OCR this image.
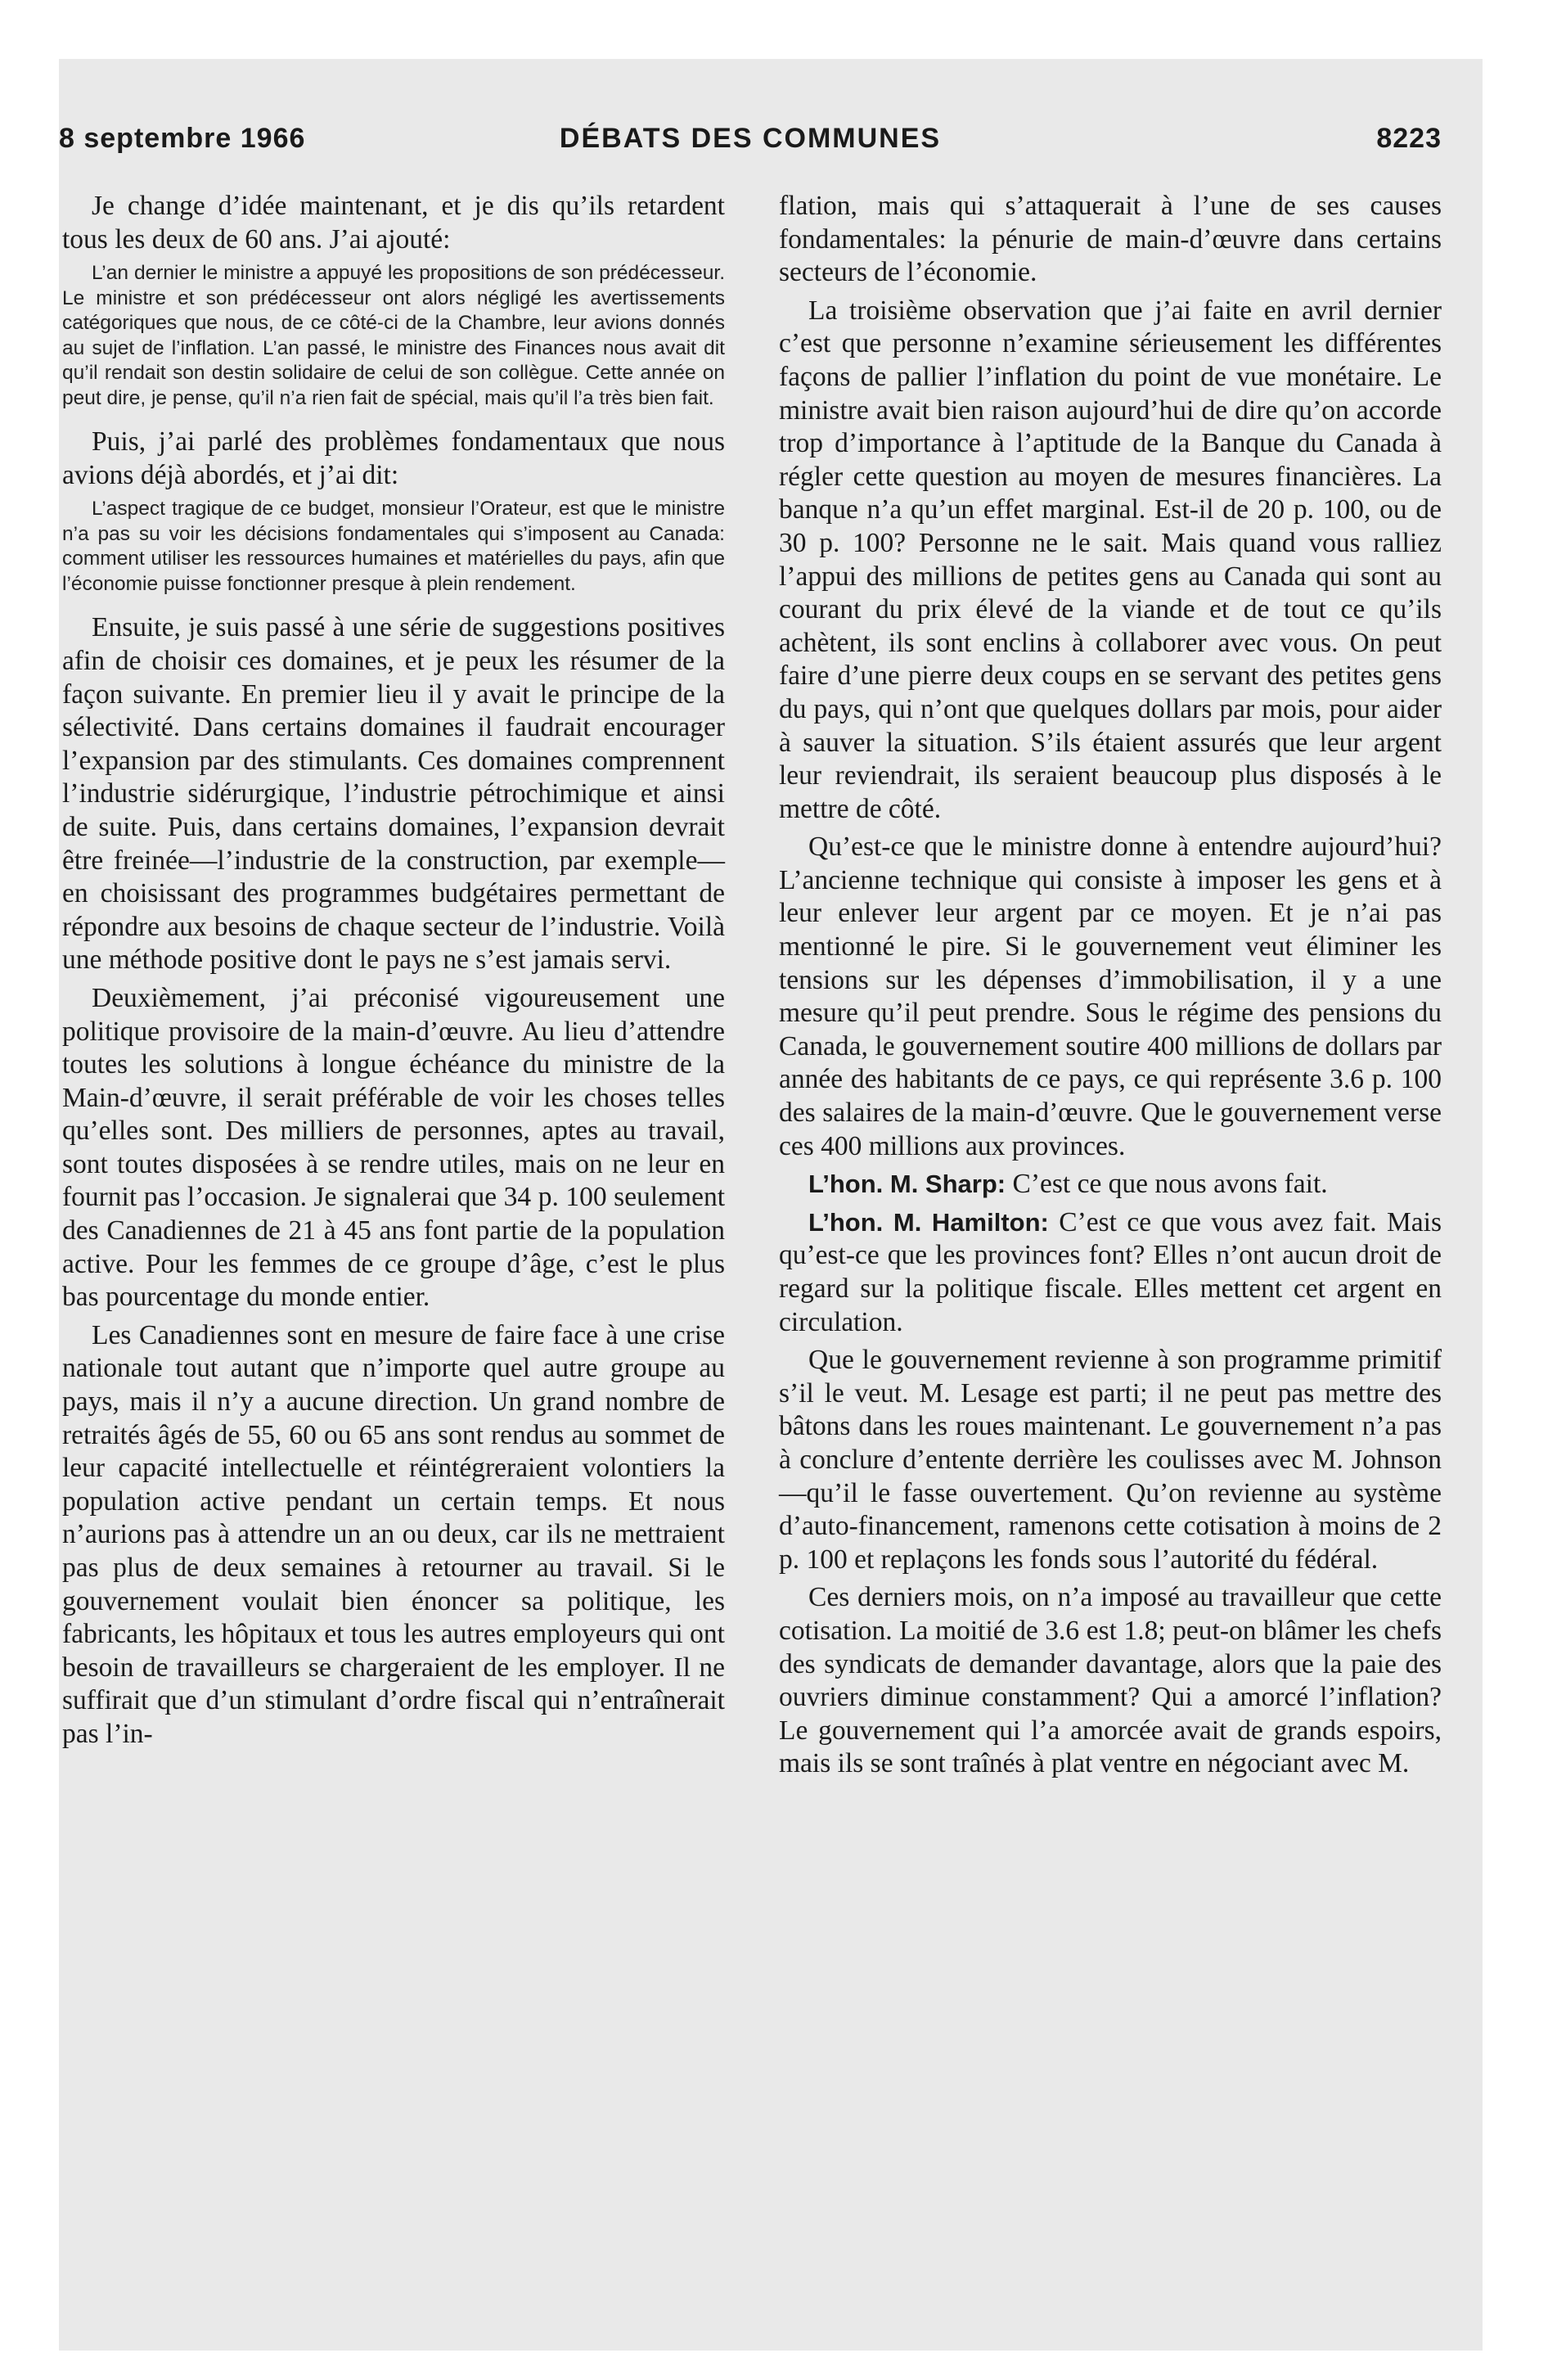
8 septembre 1966	DÉBATS DES COMMUNES	8223

Je change d’idée maintenant, et je dis qu’ils retardent tous les deux de 60 ans. J’ai ajouté:

L’an dernier le ministre a appuyé les propositions de son prédécesseur. Le ministre et son prédécesseur ont alors négligé les avertissements catégoriques que nous, de ce côté-ci de la Chambre, leur avions donnés au sujet de l’inflation. L’an passé, le ministre des Finances nous avait dit qu’il rendait son destin solidaire de celui de son collègue. Cette année on peut dire, je pense, qu’il n’a rien fait de spécial, mais qu’il l’a très bien fait.

Puis, j’ai parlé des problèmes fondamentaux que nous avions déjà abordés, et j’ai dit:

L’aspect tragique de ce budget, monsieur l’Orateur, est que le ministre n’a pas su voir les décisions fondamentales qui s’imposent au Canada: comment utiliser les ressources humaines et matérielles du pays, afin que l’économie puisse fonctionner presque à plein rendement.

Ensuite, je suis passé à une série de suggestions positives afin de choisir ces domaines, et je peux les résumer de la façon suivante. En premier lieu il y avait le principe de la sélectivité. Dans certains domaines il faudrait encourager l’expansion par des stimulants. Ces domaines comprennent l’industrie sidérurgique, l’industrie pétrochimique et ainsi de suite. Puis, dans certains domaines, l’expansion devrait être freinée—l’industrie de la construction, par exemple—en choisissant des programmes budgétaires permettant de répondre aux besoins de chaque secteur de l’industrie. Voilà une méthode positive dont le pays ne s’est jamais servi.

Deuxièmement, j’ai préconisé vigoureusement une politique provisoire de la main-d’œuvre. Au lieu d’attendre toutes les solutions à longue échéance du ministre de la Main-d’œuvre, il serait préférable de voir les choses telles qu’elles sont. Des milliers de personnes, aptes au travail, sont toutes disposées à se rendre utiles, mais on ne leur en fournit pas l’occasion. Je signalerai que 34 p. 100 seulement des Canadiennes de 21 à 45 ans font partie de la population active. Pour les femmes de ce groupe d’âge, c’est le plus bas pourcentage du monde entier.

Les Canadiennes sont en mesure de faire face à une crise nationale tout autant que n’importe quel autre groupe au pays, mais il n’y a aucune direction. Un grand nombre de retraités âgés de 55, 60 ou 65 ans sont rendus au sommet de leur capacité intellectuelle et réintégreraient volontiers la population active pendant un certain temps. Et nous n’aurions pas à attendre un an ou deux, car ils ne mettraient pas plus de deux semaines à retourner au travail. Si le gouvernement voulait bien énoncer sa politique, les fabricants, les hôpitaux et tous les autres employeurs qui ont besoin de travailleurs se chargeraient de les employer. Il ne suffirait que d’un stimulant d’ordre fiscal qui n’entraînerait pas l’in-

flation, mais qui s’attaquerait à l’une de ses causes fondamentales: la pénurie de main-d’œuvre dans certains secteurs de l’économie.

La troisième observation que j’ai faite en avril dernier c’est que personne n’examine sérieusement les différentes façons de pallier l’inflation du point de vue monétaire. Le ministre avait bien raison aujourd’hui de dire qu’on accorde trop d’importance à l’aptitude de la Banque du Canada à régler cette question au moyen de mesures financières. La banque n’a qu’un effet marginal. Est-il de 20 p. 100, ou de 30 p. 100? Personne ne le sait. Mais quand vous ralliez l’appui des millions de petites gens au Canada qui sont au courant du prix élevé de la viande et de tout ce qu’ils achètent, ils sont enclins à collaborer avec vous. On peut faire d’une pierre deux coups en se servant des petites gens du pays, qui n’ont que quelques dollars par mois, pour aider à sauver la situation. S’ils étaient assurés que leur argent leur reviendrait, ils seraient beaucoup plus disposés à le mettre de côté.

Qu’est-ce que le ministre donne à entendre aujourd’hui? L’ancienne technique qui consiste à imposer les gens et à leur enlever leur argent par ce moyen. Et je n’ai pas mentionné le pire. Si le gouvernement veut éliminer les tensions sur les dépenses d’immobilisation, il y a une mesure qu’il peut prendre. Sous le régime des pensions du Canada, le gouvernement soutire 400 millions de dollars par année des habitants de ce pays, ce qui représente 3.6 p. 100 des salaires de la main-d’œuvre. Que le gouvernement verse ces 400 millions aux provinces.

L’hon. M. Sharp: C’est ce que nous avons fait.

L’hon. M. Hamilton: C’est ce que vous avez fait. Mais qu’est-ce que les provinces font? Elles n’ont aucun droit de regard sur la politique fiscale. Elles mettent cet argent en circulation.

Que le gouvernement revienne à son programme primitif s’il le veut. M. Lesage est parti; il ne peut pas mettre des bâtons dans les roues maintenant. Le gouvernement n’a pas à conclure d’entente derrière les coulisses avec M. Johnson—qu’il le fasse ouvertement. Qu’on revienne au système d’auto-financement, ramenons cette cotisation à moins de 2 p. 100 et replaçons les fonds sous l’autorité du fédéral.

Ces derniers mois, on n’a imposé au travailleur que cette cotisation. La moitié de 3.6 est 1.8; peut-on blâmer les chefs des syndicats de demander davantage, alors que la paie des ouvriers diminue constamment? Qui a amorcé l’inflation? Le gouvernement qui l’a amorcée avait de grands espoirs, mais ils se sont traînés à plat ventre en négociant avec M.
